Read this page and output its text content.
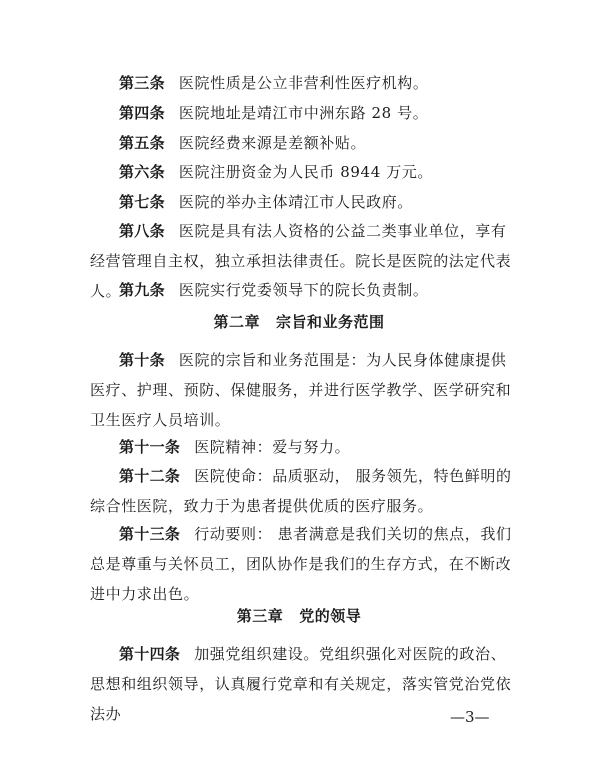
第三条 医院性质是公立非营利性医疗机构。

第四条 医院地址是靖江市中洲东路 28 号。

第五条 医院经费来源是差额补贴。

第六条 医院注册资金为人民币 8944 万元。

第七条 医院的举办主体靖江市人民政府。

第八条 医院是具有法人资格的公益二类事业单位，享有经营管理自主权，独立承担法律责任。院长是医院的法定代表人。

第九条 医院实行党委领导下的院长负责制。

第二章 宗旨和业务范围

第十条 医院的宗旨和业务范围是：为人民身体健康提供医疗、护理、预防、保健服务，并进行医学教学、医学研究和卫生医疗人员培训。

第十一条 医院精神：爱与努力。

第十二条 医院使命：品质驱动， 服务领先，特色鲜明的综合性医院，致力于为患者提供优质的医疗服务。

第十三条 行动要则： 患者满意是我们关切的焦点，我们总是尊重与关怀员工，团队协作是我们的生存方式，在不断改进中力求出色。

第三章 党的领导

第十四条 加强党组织建设。党组织强化对医院的政治、思想和组织领导，认真履行党章和有关规定，落实管党治党依法办	—3—
